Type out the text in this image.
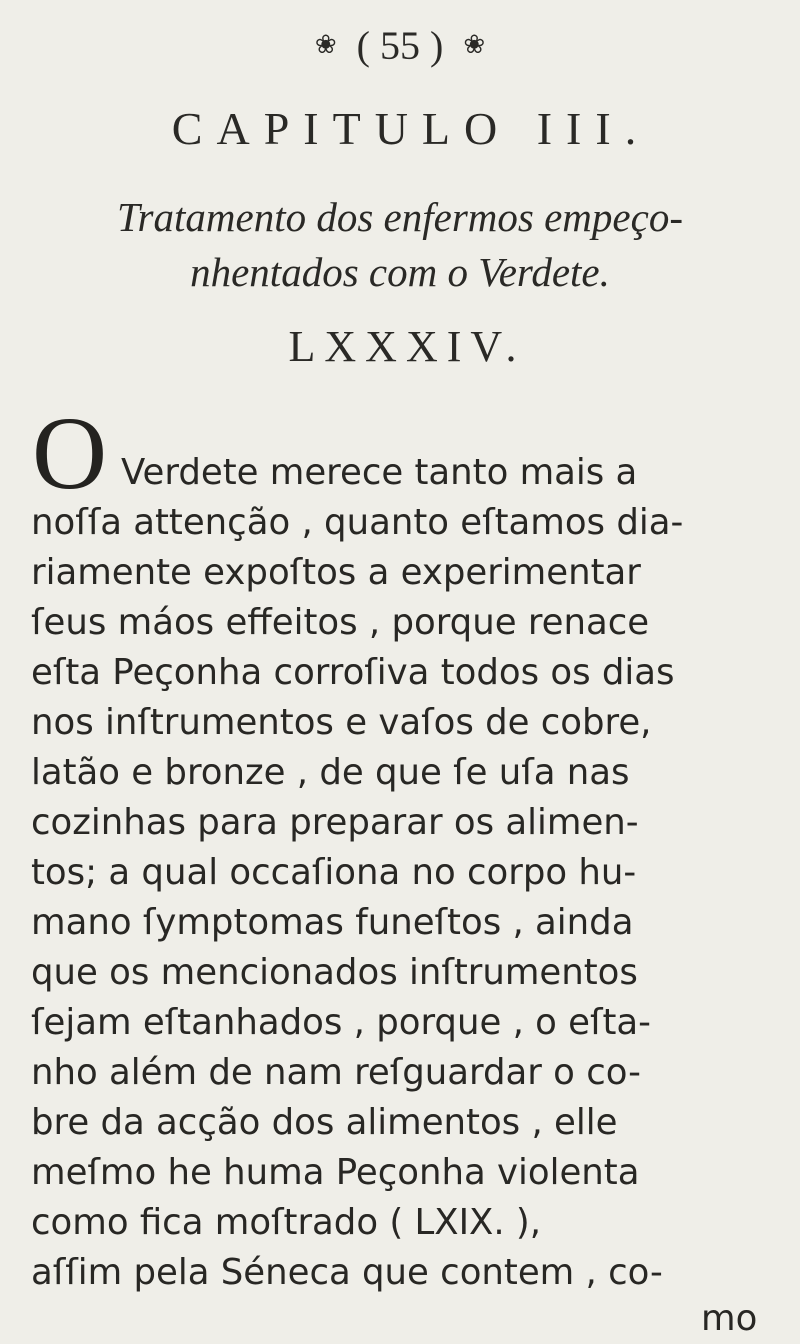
❀ ( 55 ) ❀
CAPITULO III.
Tratamento dos enfermos empeço-
nhentados com o Verdete.
LXXXIV.
O Verdete merece tanto mais a
noſſa attenção , quanto eſtamos dia-
riamente expoſtos a experimentar
ſeus máos effeitos , porque renace
eſta Peçonha corroſiva todos os dias
nos inſtrumentos e vaſos de cobre,
latão e bronze , de que ſe uſa nas
cozinhas para preparar os alimen-
tos; a qual occaſiona no corpo hu-
mano ſymptomas funeſtos , ainda
que os mencionados inſtrumentos
ſejam eſtanhados , porque , o eſta-
nho além de nam reſguardar o co-
bre da acção dos alimentos , elle
meſmo he huma Peçonha violenta
como fica moſtrado ( LXIX. ),
aſſim pela Séneca que contem , co-
mo
